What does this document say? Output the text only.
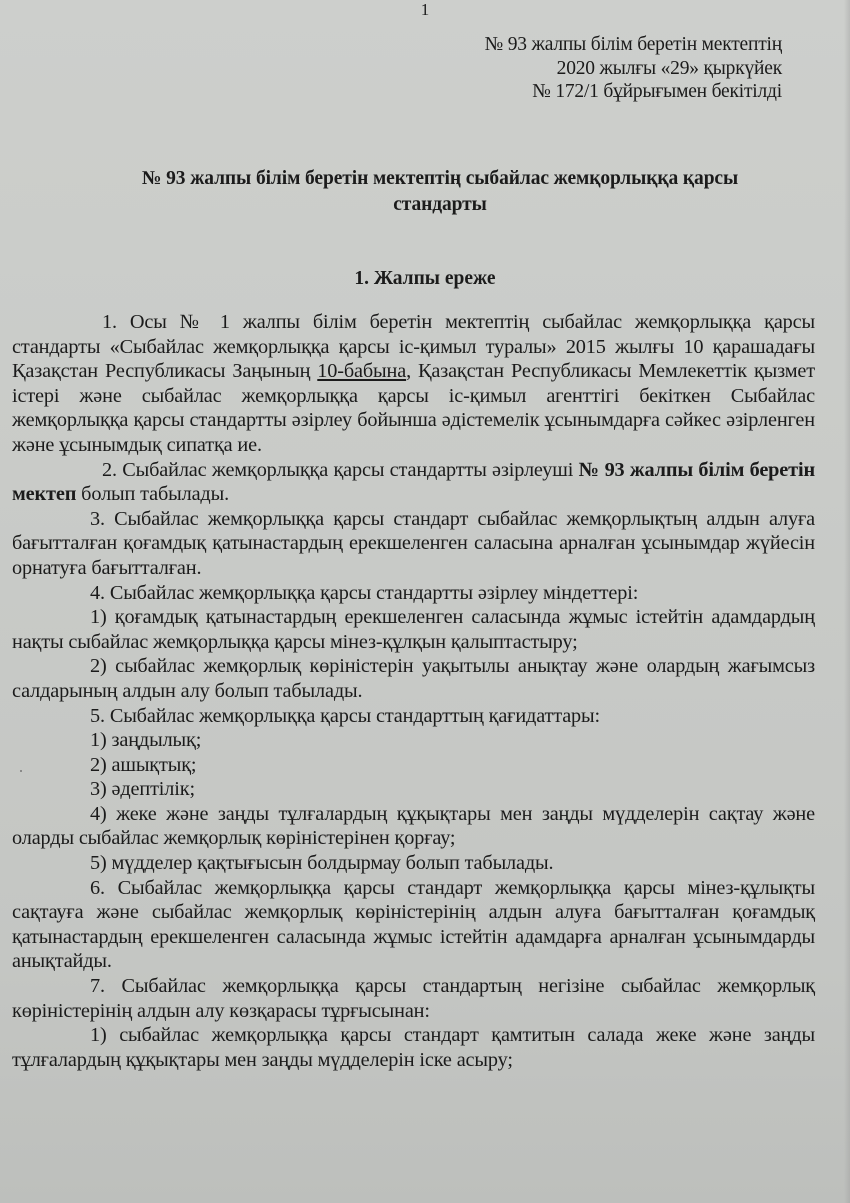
1
№ 93 жалпы білім беретін мектептің
2020 жылғы «29» қыркүйек
№ 172/1 бұйрығымен бекітілді
№ 93 жалпы білім беретін мектептің сыбайлас жемқорлыққа қарсы
стандарты
1. Жалпы ереже

1. Осы № 1 жалпы білім беретін мектептің сыбайлас жемқорлыққа қарсы стандарты «Сыбайлас жемқорлыққа қарсы іс-қимыл туралы» 2015 жылғы 10 қарашадағы Қазақстан Республикасы Заңының 10-бабына, Қазақстан Республикасы Мемлекеттік қызмет істері және сыбайлас жемқорлыққа қарсы іс-қимыл агенттігі бекіткен Сыбайлас жемқорлыққа қарсы стандартты әзірлеу бойынша әдістемелік ұсынымдарға сәйкес әзірленген және ұсынымдық сипатқа ие.

2. Сыбайлас жемқорлыққа қарсы стандартты әзірлеуші № 93 жалпы білім беретін мектеп болып табылады.

3. Сыбайлас жемқорлыққа қарсы стандарт сыбайлас жемқорлықтың алдын алуға бағытталған қоғамдық қатынастардың ерекшеленген саласына арналған ұсынымдар жүйесін орнатуға бағытталған.

4. Сыбайлас жемқорлыққа қарсы стандартты әзірлеу міндеттері:

1) қоғамдық қатынастардың ерекшеленген саласында жұмыс істейтін адамдардың нақты сыбайлас жемқорлыққа қарсы мінез-құлқын қалыптастыру;

2) сыбайлас жемқорлық көріністерін уақытылы анықтау және олардың жағымсыз салдарының алдын алу болып табылады.

5. Сыбайлас жемқорлыққа қарсы стандарттың қағидаттары:

1) заңдылық;

2) ашықтық;

3) әдептілік;

4) жеке және заңды тұлғалардың құқықтары мен заңды мүдделерін сақтау және оларды сыбайлас жемқорлық көріністерінен қорғау;

5) мүдделер қақтығысын болдырмау болып табылады.

6. Сыбайлас жемқорлыққа қарсы стандарт жемқорлыққа қарсы мінез-құлықты сақтауға және сыбайлас жемқорлық көріністерінің алдын алуға бағытталған қоғамдық қатынастардың ерекшеленген саласында жұмыс істейтін адамдарға арналған ұсынымдарды анықтайды.

7. Сыбайлас жемқорлыққа қарсы стандартың негізіне сыбайлас жемқорлық көріністерінің алдын алу көзқарасы тұрғысынан:

1) сыбайлас жемқорлыққа қарсы стандарт қамтитын салада жеке және заңды тұлғалардың құқықтары мен заңды мүдделерін іске асыру;
